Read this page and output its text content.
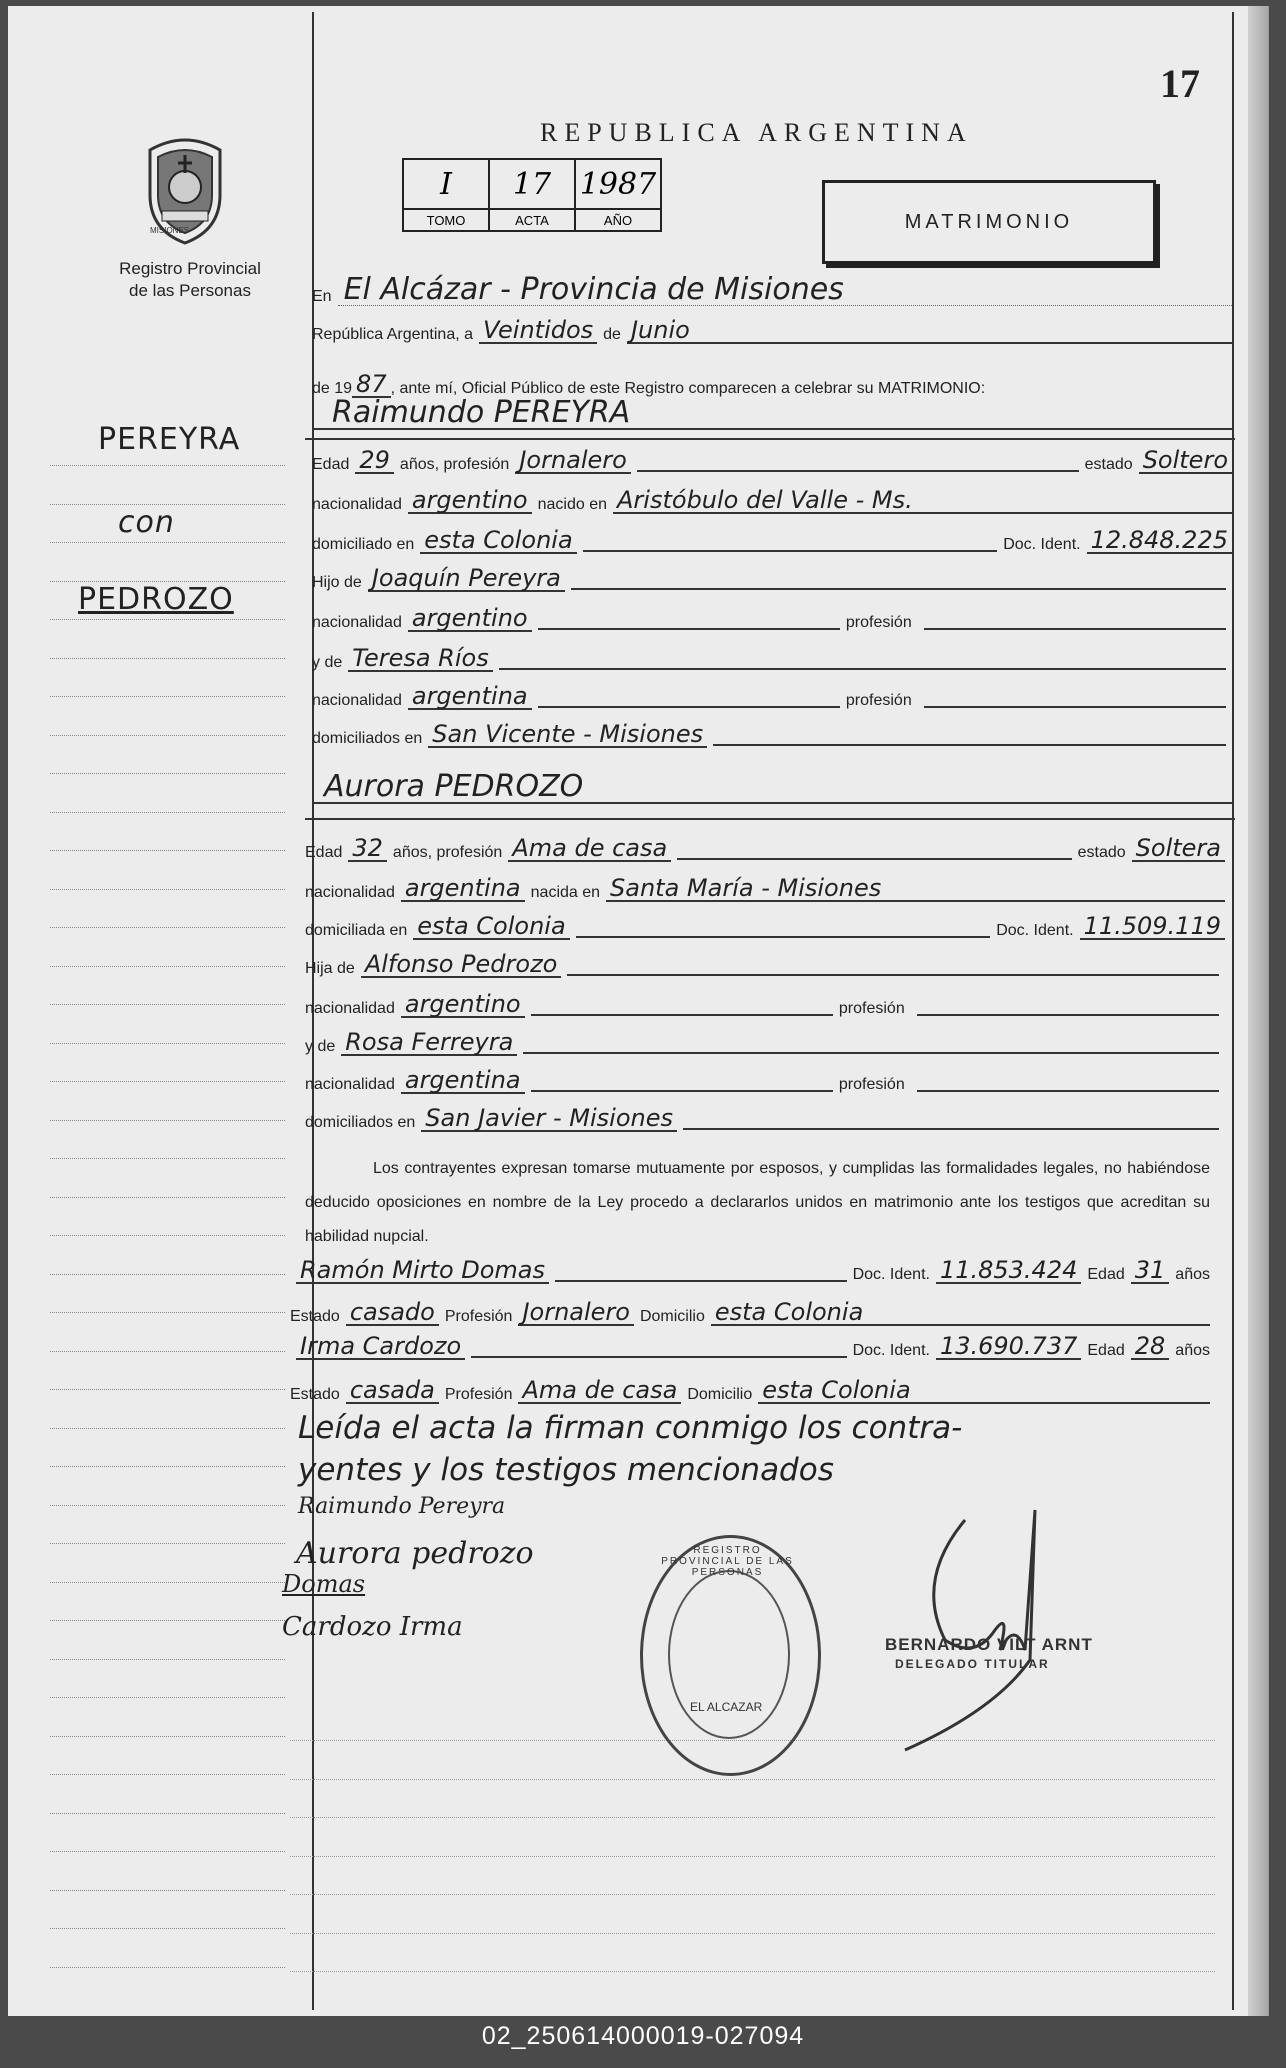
17
REPUBLICA ARGENTINA
MISIONES
Registro Provincial
de las Personas
I	17	1987
TOMO	ACTA	AÑO	MATRIMONIO
PEREYRA
con
PEDROZO
En El Alcázar - Provincia de Misiones
República Argentina, a Veintidos de Junio
de 19 87 , ante mí, Oficial Público de este Registro comparecen a celebrar su MATRIMONIO:
Raimundo PEREYRA
Edad 29 años, profesión Jornalero	estado Soltero
nacionalidad argentino nacido en Aristóbulo del Valle - Ms.
domiciliado en esta Colonia	Doc. Ident. 12.848.225
Hijo de Joaquín Pereyra
nacionalidad argentino	profesión
y de Teresa Ríos
nacionalidad argentina	profesión
domiciliados en San Vicente - Misiones
Aurora PEDROZO
Edad 32 años, profesión Ama de casa	estado Soltera
nacionalidad argentina nacida en Santa María - Misiones
domiciliada en esta Colonia	Doc. Ident. 11.509.119
Hija de Alfonso Pedrozo
nacionalidad argentino	profesión
y de Rosa Ferreyra
nacionalidad argentina	profesión
domiciliados en San Javier - Misiones
Los contrayentes expresan tomarse mutuamente por esposos, y cumplidas las formalidades legales, no habiéndose deducido oposiciones en nombre de la Ley procedo a declararlos unidos en matrimonio ante los testigos que acreditan su habilidad nupcial.
Ramón Mirto Domas	Doc. Ident. 11.853.424 Edad 31 años
Estado casado Profesión Jornalero Domicilio esta Colonia
Irma Cardozo	Doc. Ident. 13.690.737 Edad 28 años
Estado casada Profesión Ama de casa Domicilio esta Colonia
Leída el acta la firman conmigo los contra-
yentes y los testigos mencionados
Raimundo Pereyra
Aurora pedrozo
Domas
Cardozo Irma
REGISTRO PROVINCIAL DE LAS PERSONAS
EL ALCAZAR
BERNARDO VILT ARNT
DELEGADO TITULAR
02_250614000019-027094
